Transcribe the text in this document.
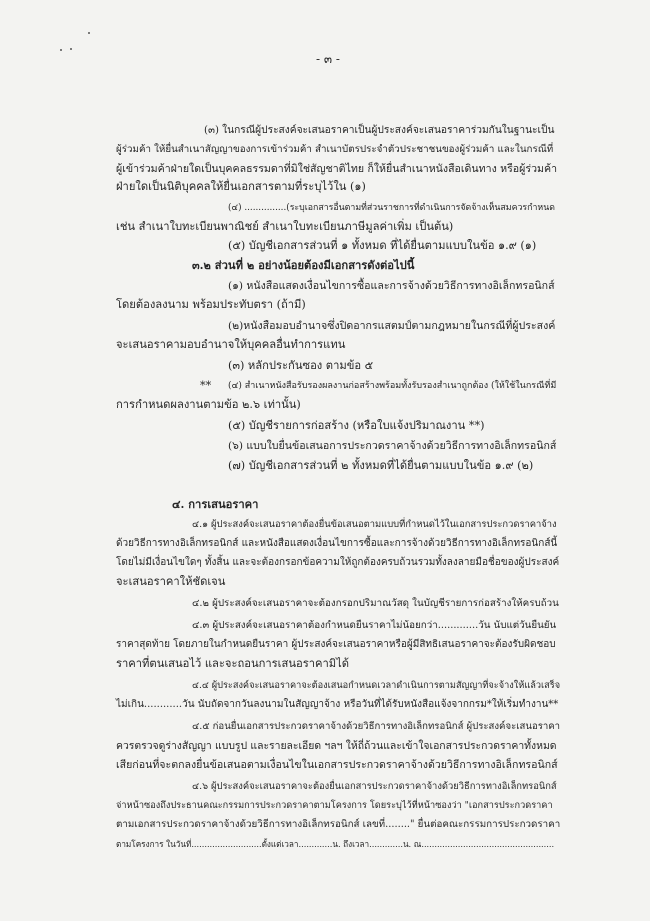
- ๓ -
(๓) ในกรณีผู้ประสงค์จะเสนอราคาเป็นผู้ประสงค์จะเสนอราคาร่วมกันในฐานะเป็น
ผู้ร่วมค้า ให้ยื่นสำเนาสัญญาของการเข้าร่วมค้า สำเนาบัตรประจำตัวประชาชนของผู้ร่วมค้า และในกรณีที่
ผู้เข้าร่วมค้าฝ่ายใดเป็นบุคคลธรรมดาที่มิใช่สัญชาติไทย ก็ให้ยื่นสำเนาหนังสือเดินทาง หรือผู้ร่วมค้า
ฝ่ายใดเป็นนิติบุคคลให้ยื่นเอกสารตามที่ระบุไว้ใน (๑)
(๔) ...............(ระบุเอกสารอื่นตามที่ส่วนราชการที่ดำเนินการจัดจ้างเห็นสมควรกำหนด
เช่น สำเนาใบทะเบียนพาณิชย์ สำเนาใบทะเบียนภาษีมูลค่าเพิ่ม เป็นต้น)
(๕) บัญชีเอกสารส่วนที่ ๑ ทั้งหมด ที่ได้ยื่นตามแบบในข้อ ๑.๙ (๑)
๓.๒ ส่วนที่ ๒ อย่างน้อยต้องมีเอกสารดังต่อไปนี้
(๑) หนังสือแสดงเงื่อนไขการซื้อและการจ้างด้วยวิธีการทางอิเล็กทรอนิกส์
โดยต้องลงนาม พร้อมประทับตรา (ถ้ามี)
(๒)หนังสือมอบอำนาจซึ่งปิดอากรแสตมป์ตามกฎหมายในกรณีที่ผู้ประสงค์
จะเสนอราคามอบอำนาจให้บุคคลอื่นทำการแทน
(๓) หลักประกันซอง ตามข้อ ๕
** (๔) สำเนาหนังสือรับรองผลงานก่อสร้างพร้อมทั้งรับรองสำเนาถูกต้อง (ให้ใช้ในกรณีที่มี
การกำหนดผลงานตามข้อ ๒.๖ เท่านั้น)
(๕) บัญชีรายการก่อสร้าง (หรือใบแจ้งปริมาณงาน **)
(๖) แบบใบยื่นข้อเสนอการประกวดราคาจ้างด้วยวิธีการทางอิเล็กทรอนิกส์
(๗) บัญชีเอกสารส่วนที่ ๒ ทั้งหมดที่ได้ยื่นตามแบบในข้อ ๑.๙ (๒)
๔. การเสนอราคา
๔.๑ ผู้ประสงค์จะเสนอราคาต้องยื่นข้อเสนอตามแบบที่กำหนดไว้ในเอกสารประกวดราคาจ้าง
ด้วยวิธีการทางอิเล็กทรอนิกส์ และหนังสือแสดงเงื่อนไขการซื้อและการจ้างด้วยวิธีการทางอิเล็กทรอนิกส์นี้
โดยไม่มีเงื่อนไขใดๆ ทั้งสิ้น และจะต้องกรอกข้อความให้ถูกต้องครบถ้วนรวมทั้งลงลายมือชื่อของผู้ประสงค์
จะเสนอราคาให้ชัดเจน
๔.๒ ผู้ประสงค์จะเสนอราคาจะต้องกรอกปริมาณวัสดุ ในบัญชีรายการก่อสร้างให้ครบถ้วน
๔.๓ ผู้ประสงค์จะเสนอราคาต้องกำหนดยืนราคาไม่น้อยกว่า.............วัน นับแต่วันยืนยัน
ราคาสุดท้าย โดยภายในกำหนดยืนราคา ผู้ประสงค์จะเสนอราคาหรือผู้มีสิทธิเสนอราคาจะต้องรับผิดชอบ
ราคาที่ตนเสนอไว้ และจะถอนการเสนอราคามิได้
๔.๔ ผู้ประสงค์จะเสนอราคาจะต้องเสนอกำหนดเวลาดำเนินการตามสัญญาที่จะจ้างให้แล้วเสร็จ
ไม่เกิน............วัน นับถัดจากวันลงนามในสัญญาจ้าง หรือวันที่ได้รับหนังสือแจ้งจากกรม*ให้เริ่มทำงาน**
๔.๕ ก่อนยื่นเอกสารประกวดราคาจ้างด้วยวิธีการทางอิเล็กทรอนิกส์ ผู้ประสงค์จะเสนอราคา
ควรตรวจดูร่างสัญญา แบบรูป และรายละเอียด ฯลฯ ให้ถี่ถ้วนและเข้าใจเอกสารประกวดราคาทั้งหมด
เสียก่อนที่จะตกลงยื่นข้อเสนอตามเงื่อนไขในเอกสารประกวดราคาจ้างด้วยวิธีการทางอิเล็กทรอนิกส์
๔.๖ ผู้ประสงค์จะเสนอราคาจะต้องยื่นเอกสารประกวดราคาจ้างด้วยวิธีการทางอิเล็กทรอนิกส์
จ่าหน้าซองถึงประธานคณะกรรมการประกวดราคาตามโครงการ โดยระบุไว้ที่หน้าซองว่า "เอกสารประกวดราคา
ตามเอกสารประกวดราคาจ้างด้วยวิธีการทางอิเล็กทรอนิกส์ เลขที่........" ยื่นต่อคณะกรรมการประกวดราคา
ตามโครงการ ในวันที่...........................ตั้งแต่เวลา.............น. ถึงเวลา.............น. ณ...................................................
